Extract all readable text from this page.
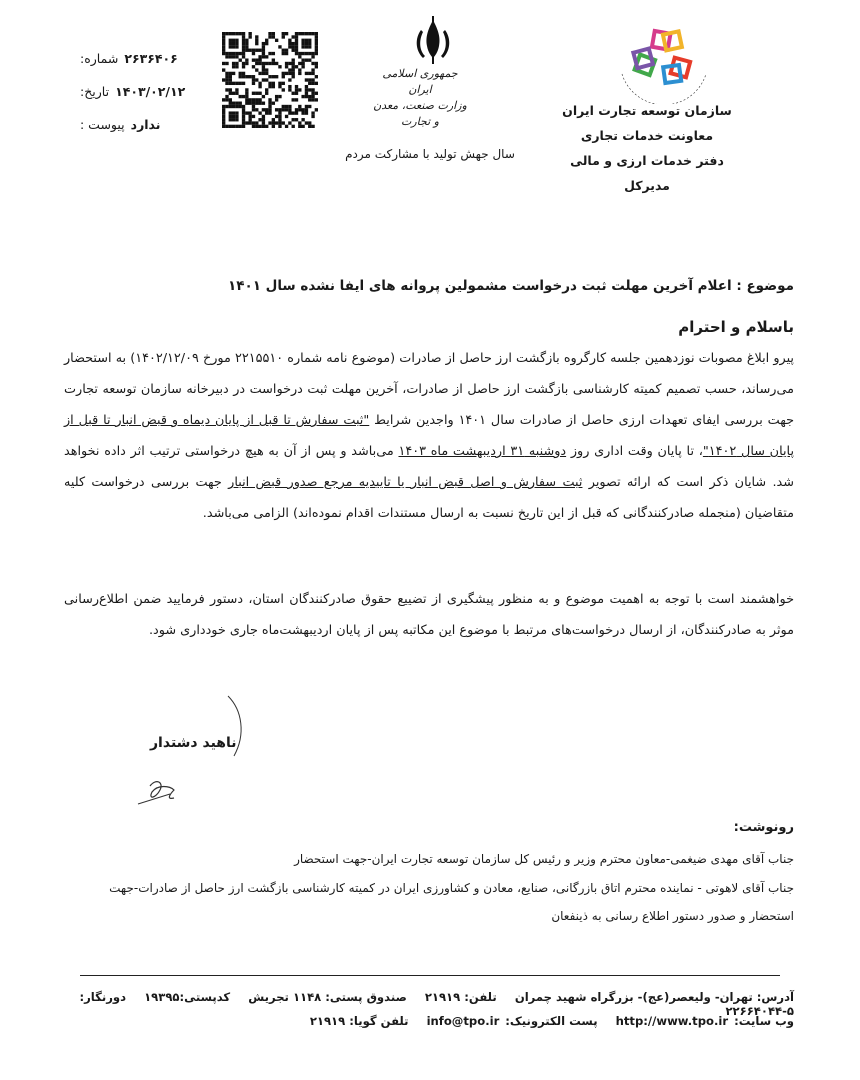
سازمان توسعه تجارت ایران
معاونت خدمات تجاری
دفتر خدمات ارزی و مالی
مدیرکل
جمهوری اسلامی ایران
وزارت صنعت، معدن و تجارت
سال جهش تولید با مشارکت مردم
۲۶۳۶۴۰۶
شماره:
۱۴۰۳/۰۲/۱۲
تاریخ:
ندارد
پیوست :
موضوع : اعلام آخرین مهلت ثبت درخواست مشمولین پروانه های ایفا نشده سال ۱۴۰۱
باسلام و احترام
پیرو ابلاغ مصوبات نوزدهمین جلسه کارگروه بازگشت ارز حاصل از صادرات (موضوع نامه شماره ۲۲۱۵۵۱۰ مورخ ۱۴۰۲/۱۲/۰۹) به استحضار می‌رساند، حسب تصمیم کمیته کارشناسی بازگشت ارز حاصل از صادرات، آخرین مهلت ثبت درخواست در دبیرخانه سازمان توسعه تجارت جهت بررسی ایفای تعهدات ارزی حاصل از صادرات سال ۱۴۰۱ واجدین شرایط "ثبت سفارش تا قبل از پایان دیماه و قبض انبار تا قبل از پایان سال ۱۴۰۲"، تا پایان وقت اداری روز دوشنبه ۳۱ اردیبهشت ماه ۱۴۰۳ می‌باشد و پس از آن به هیچ درخواستی ترتیب اثر داده نخواهد شد. شایان ذکر است که ارائه تصویر ثبت سفارش و اصل قبض انبار یا تاییدیه مرجع صدور قبض انبار جهت بررسی درخواست کلیه متقاضیان (منجمله صادرکنندگانی که قبل از این تاریخ نسبت به ارسال مستندات اقدام نموده‌اند) الزامی می‌باشد.
خواهشمند است با توجه به اهمیت موضوع و به منظور پیشگیری از تضییع حقوق صادرکنندگان استان، دستور فرمایید ضمن اطلاع‌رسانی موثر به صادرکنندگان، از ارسال درخواست‌های مرتبط با موضوع این مکاتبه پس از پایان اردیبهشت‌ماه جاری خودداری شود.
ناهید دشتدار
رونوشت:
جناب آقای مهدی ضیغمی-معاون محترم وزیر و رئیس کل سازمان توسعه تجارت ایران-جهت استحضار
جناب آقای لاهوتی - نماینده محترم اتاق بازرگانی، صنایع، معادن و کشاورزی ایران در کمیته کارشناسی بازگشت ارز حاصل از صادرات-جهت استحضار و صدور دستور اطلاع رسانی به ذینفعان
آدرس: تهران- ولیعصر(عج)- بزرگراه شهید چمران تلفن: ۲۱۹۱۹ صندوق پستی: ۱۱۴۸ تجریش کدپستی:۱۹۳۹۵ دورنگار: ۵-۲۲۶۶۴۰۴۴
وب سایت:http://www.tpo.ir پست الکترونیک:info@tpo.ir تلفن گویا: ۲۱۹۱۹
